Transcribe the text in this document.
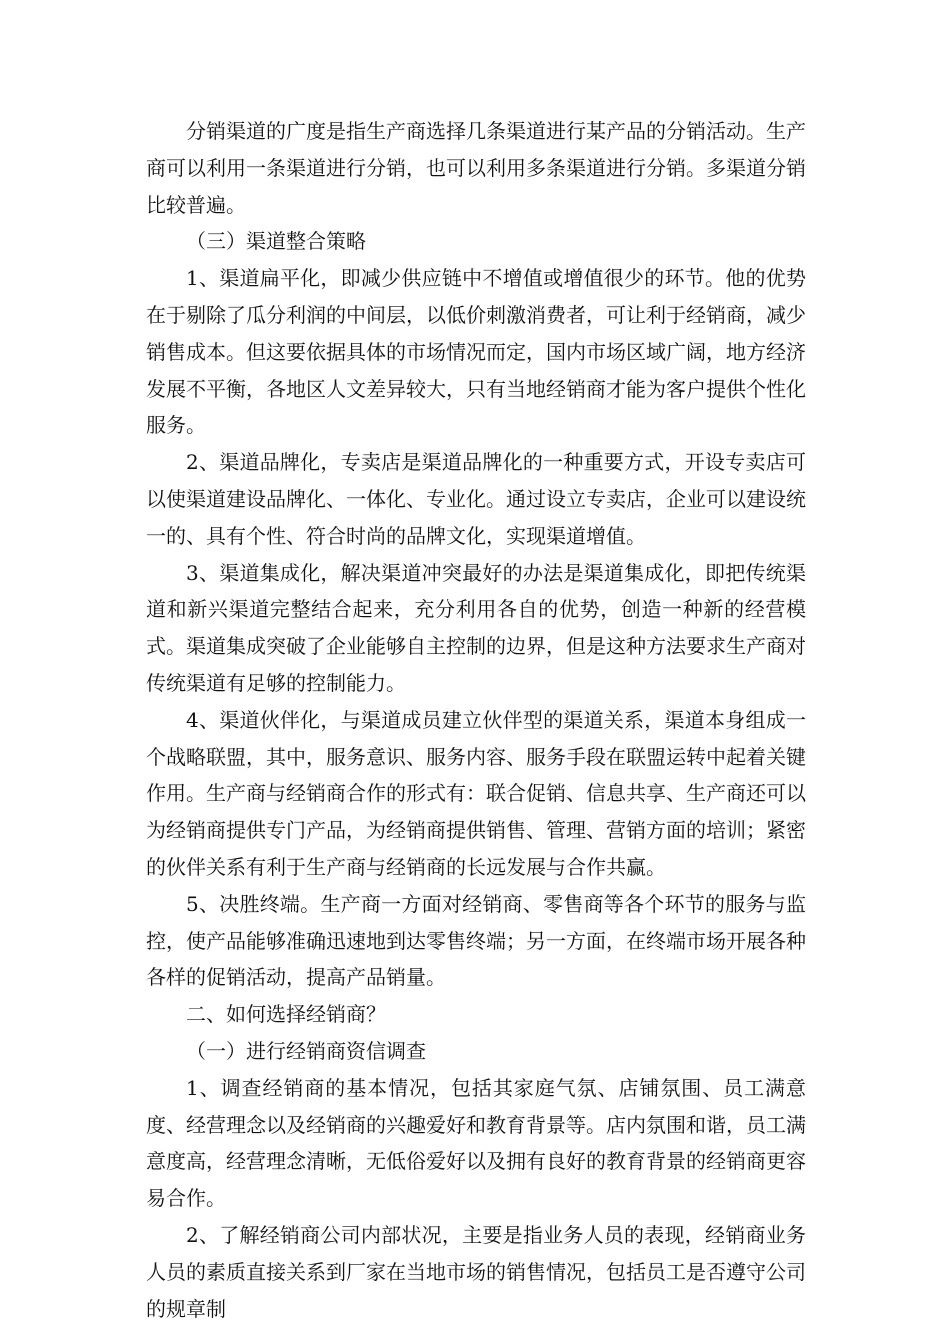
分销渠道的广度是指生产商选择几条渠道进行某产品的分销活动。生产商可以利用一条渠道进行分销，也可以利用多条渠道进行分销。多渠道分销比较普遍。

（三）渠道整合策略

1、渠道扁平化，即减少供应链中不增值或增值很少的环节。他的优势在于剔除了瓜分利润的中间层，以低价刺激消费者，可让利于经销商，减少销售成本。但这要依据具体的市场情况而定，国内市场区域广阔，地方经济发展不平衡，各地区人文差异较大，只有当地经销商才能为客户提供个性化服务。

2、渠道品牌化，专卖店是渠道品牌化的一种重要方式，开设专卖店可以使渠道建设品牌化、一体化、专业化。通过设立专卖店，企业可以建设统一的、具有个性、符合时尚的品牌文化，实现渠道增值。

3、渠道集成化，解决渠道冲突最好的办法是渠道集成化，即把传统渠道和新兴渠道完整结合起来，充分利用各自的优势，创造一种新的经营模式。渠道集成突破了企业能够自主控制的边界，但是这种方法要求生产商对传统渠道有足够的控制能力。

4、渠道伙伴化，与渠道成员建立伙伴型的渠道关系，渠道本身组成一个战略联盟，其中，服务意识、服务内容、服务手段在联盟运转中起着关键作用。生产商与经销商合作的形式有：联合促销、信息共享、生产商还可以为经销商提供专门产品，为经销商提供销售、管理、营销方面的培训；紧密的伙伴关系有利于生产商与经销商的长远发展与合作共赢。

5、决胜终端。生产商一方面对经销商、零售商等各个环节的服务与监控，使产品能够准确迅速地到达零售终端；另一方面，在终端市场开展各种各样的促销活动，提高产品销量。

二、如何选择经销商？

（一）进行经销商资信调查

1、调查经销商的基本情况，包括其家庭气氛、店铺氛围、员工满意度、经营理念以及经销商的兴趣爱好和教育背景等。店内氛围和谐，员工满意度高，经营理念清晰，无低俗爱好以及拥有良好的教育背景的经销商更容易合作。

2、了解经销商公司内部状况，主要是指业务人员的表现，经销商业务人员的素质直接关系到厂家在当地市场的销售情况，包括员工是否遵守公司的规章制
